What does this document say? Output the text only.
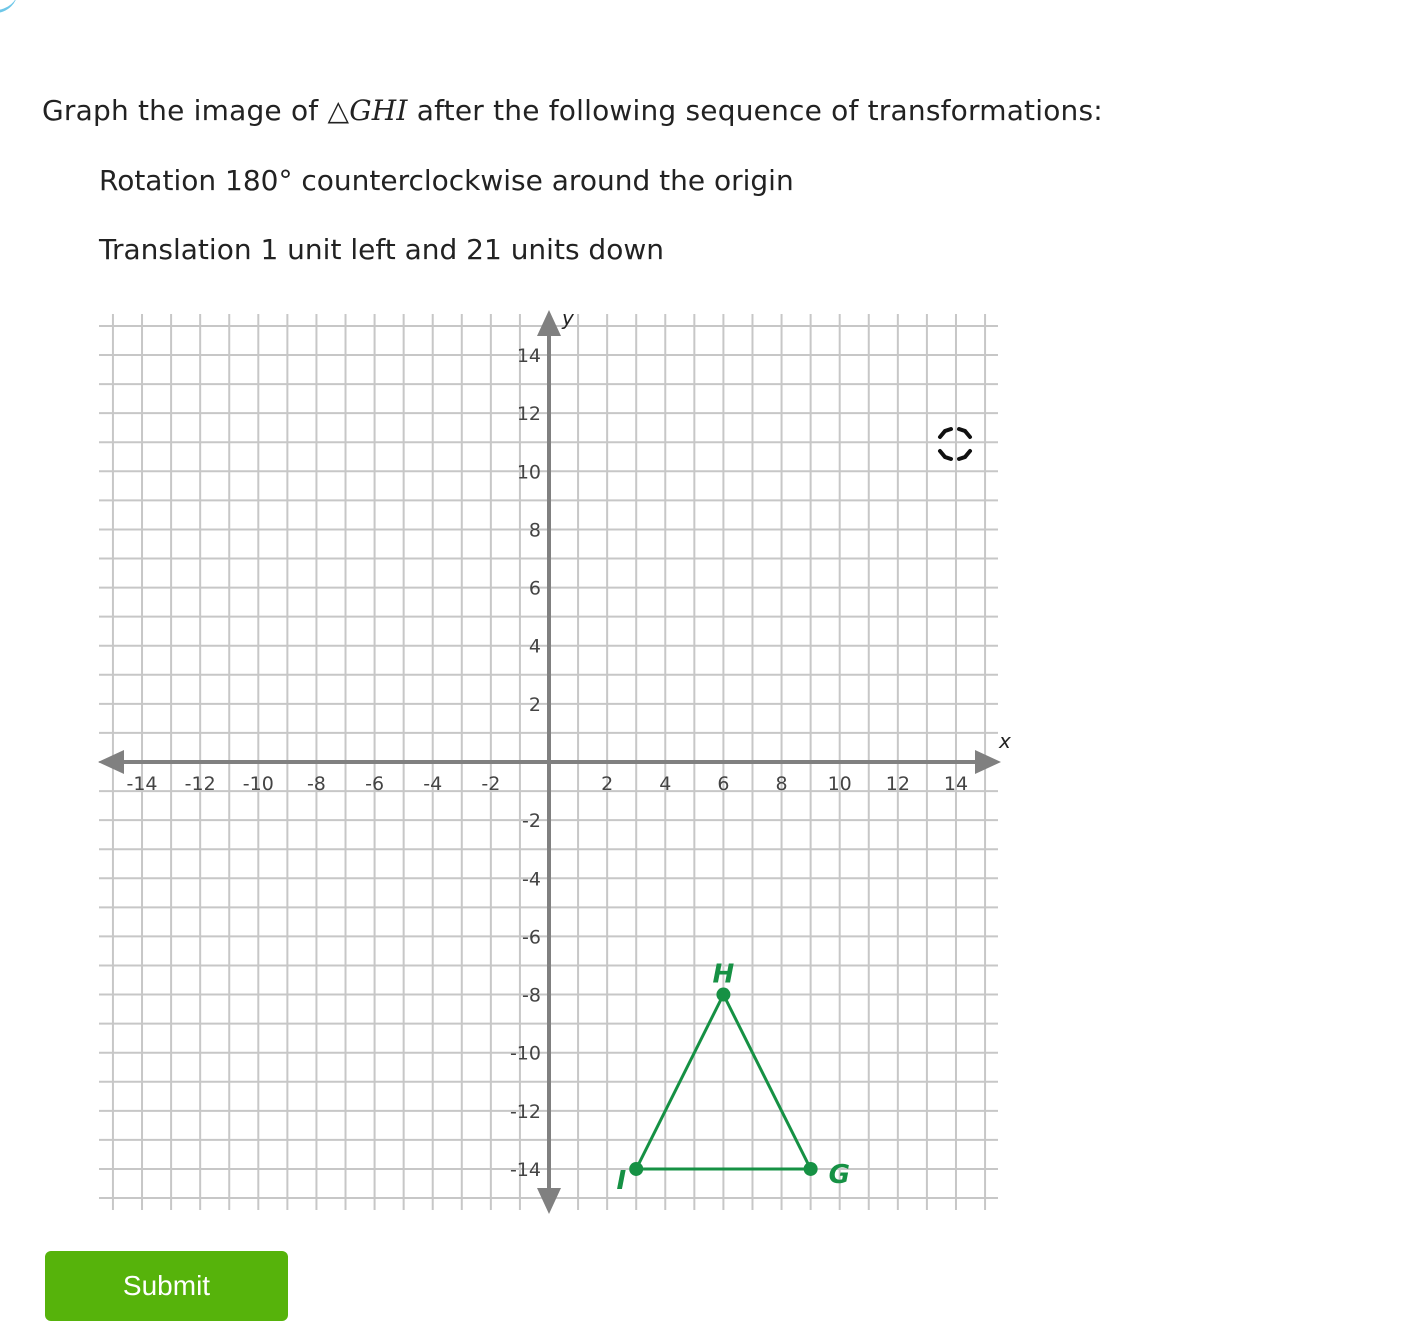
Graph the image of △GHI after the following sequence of transformations:
Rotation 180° counterclockwise around the origin
Translation 1 unit left and 21 units down
x
y
-14
-14
-12
-12
-10
-10
-8
-8
-6
-6
-4
-4
-2
-2
2
2
4
4
6
6
8
8
10
10
12
12
14
14
G
H
I
Submit
